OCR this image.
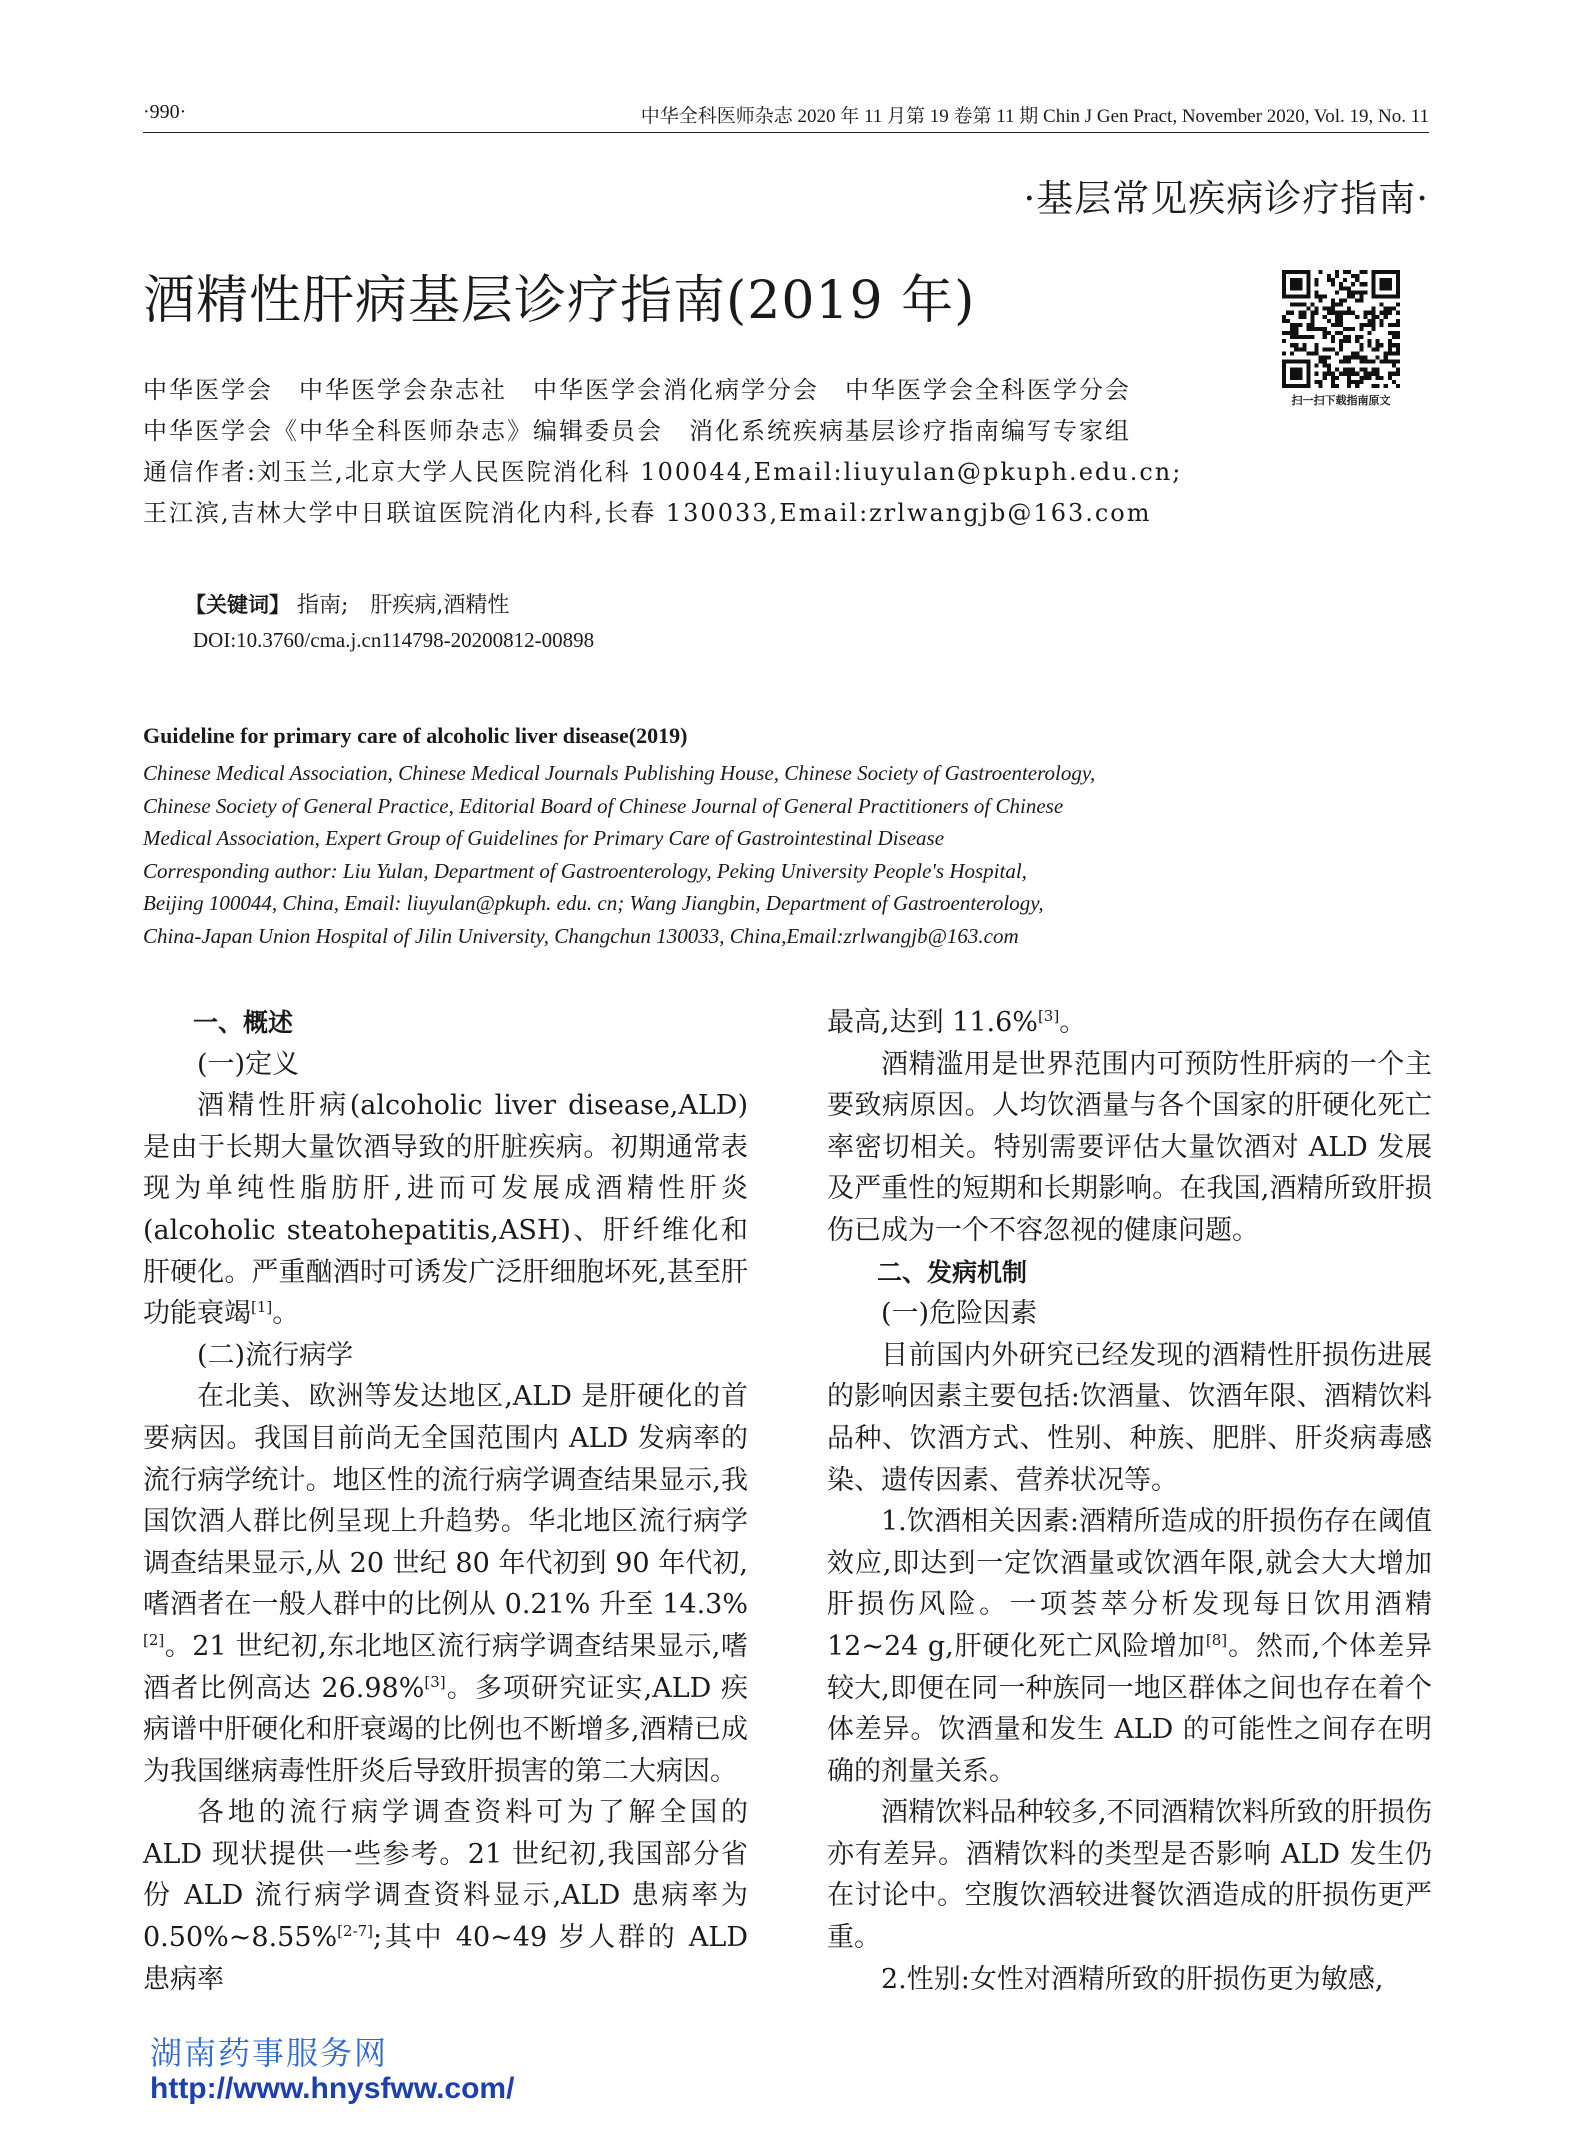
·990·	中华全科医师杂志 2020 年 11 月第 19 卷第 11 期 Chin J Gen Pract, November 2020, Vol. 19, No. 11
·基层常见疾病诊疗指南·
酒精性肝病基层诊疗指南(2019 年)
扫一扫下载指南原文
中华医学会　中华医学会杂志社　中华医学会消化病学分会　中华医学会全科医学分会
中华医学会《中华全科医师杂志》编辑委员会　消化系统疾病基层诊疗指南编写专家组
通信作者:刘玉兰,北京大学人民医院消化科 100044,Email:liuyulan@pkuph.edu.cn;
王江滨,吉林大学中日联谊医院消化内科,长春 130033,Email:zrlwangjb@163.com
【关键词】 指南;　肝疾病,酒精性
DOI:10.3760/cma.j.cn114798-20200812-00898
Guideline for primary care of alcoholic liver disease(2019)
Chinese Medical Association, Chinese Medical Journals Publishing House, Chinese Society of Gastroenterology,
Chinese Society of General Practice, Editorial Board of Chinese Journal of General Practitioners of Chinese
Medical Association, Expert Group of Guidelines for Primary Care of Gastrointestinal Disease
Corresponding author: Liu Yulan, Department of Gastroenterology, Peking University People's Hospital,
Beijing 100044, China, Email: liuyulan@pkuph. edu. cn; Wang Jiangbin, Department of Gastroenterology,
China-Japan Union Hospital of Jilin University, Changchun 130033, China,Email:zrlwangjb@163.com
一、概述
(一)定义

酒精性肝病(alcoholic liver disease,ALD)是由于长期大量饮酒导致的肝脏疾病。初期通常表现为单纯性脂肪肝,进而可发展成酒精性肝炎(alcoholic steatohepatitis,ASH)、肝纤维化和肝硬化。严重酗酒时可诱发广泛肝细胞坏死,甚至肝功能衰竭[1]。

(二)流行病学

在北美、欧洲等发达地区,ALD 是肝硬化的首要病因。我国目前尚无全国范围内 ALD 发病率的流行病学统计。地区性的流行病学调查结果显示,我国饮酒人群比例呈现上升趋势。华北地区流行病学调查结果显示,从 20 世纪 80 年代初到 90 年代初,嗜酒者在一般人群中的比例从 0.21% 升至 14.3%[2]。21 世纪初,东北地区流行病学调查结果显示,嗜酒者比例高达 26.98%[3]。多项研究证实,ALD 疾病谱中肝硬化和肝衰竭的比例也不断增多,酒精已成为我国继病毒性肝炎后导致肝损害的第二大病因。

各地的流行病学调查资料可为了解全国的 ALD 现状提供一些参考。21 世纪初,我国部分省份 ALD 流行病学调查资料显示,ALD 患病率为 0.50%~8.55%[2-7];其中 40~49 岁人群的 ALD 患病率

最高,达到 11.6%[3]。

酒精滥用是世界范围内可预防性肝病的一个主要致病原因。人均饮酒量与各个国家的肝硬化死亡率密切相关。特别需要评估大量饮酒对 ALD 发展及严重性的短期和长期影响。在我国,酒精所致肝损伤已成为一个不容忽视的健康问题。

二、发病机制
(一)危险因素

目前国内外研究已经发现的酒精性肝损伤进展的影响因素主要包括:饮酒量、饮酒年限、酒精饮料品种、饮酒方式、性别、种族、肥胖、肝炎病毒感染、遗传因素、营养状况等。

1.饮酒相关因素:酒精所造成的肝损伤存在阈值效应,即达到一定饮酒量或饮酒年限,就会大大增加肝损伤风险。一项荟萃分析发现每日饮用酒精 12~24 g,肝硬化死亡风险增加[8]。然而,个体差异较大,即便在同一种族同一地区群体之间也存在着个体差异。饮酒量和发生 ALD 的可能性之间存在明确的剂量关系。

酒精饮料品种较多,不同酒精饮料所致的肝损伤亦有差异。酒精饮料的类型是否影响 ALD 发生仍在讨论中。空腹饮酒较进餐饮酒造成的肝损伤更严重。

2.性别:女性对酒精所致的肝损伤更为敏感,

湖南药事服务网
http://www.hnysfww.com/
